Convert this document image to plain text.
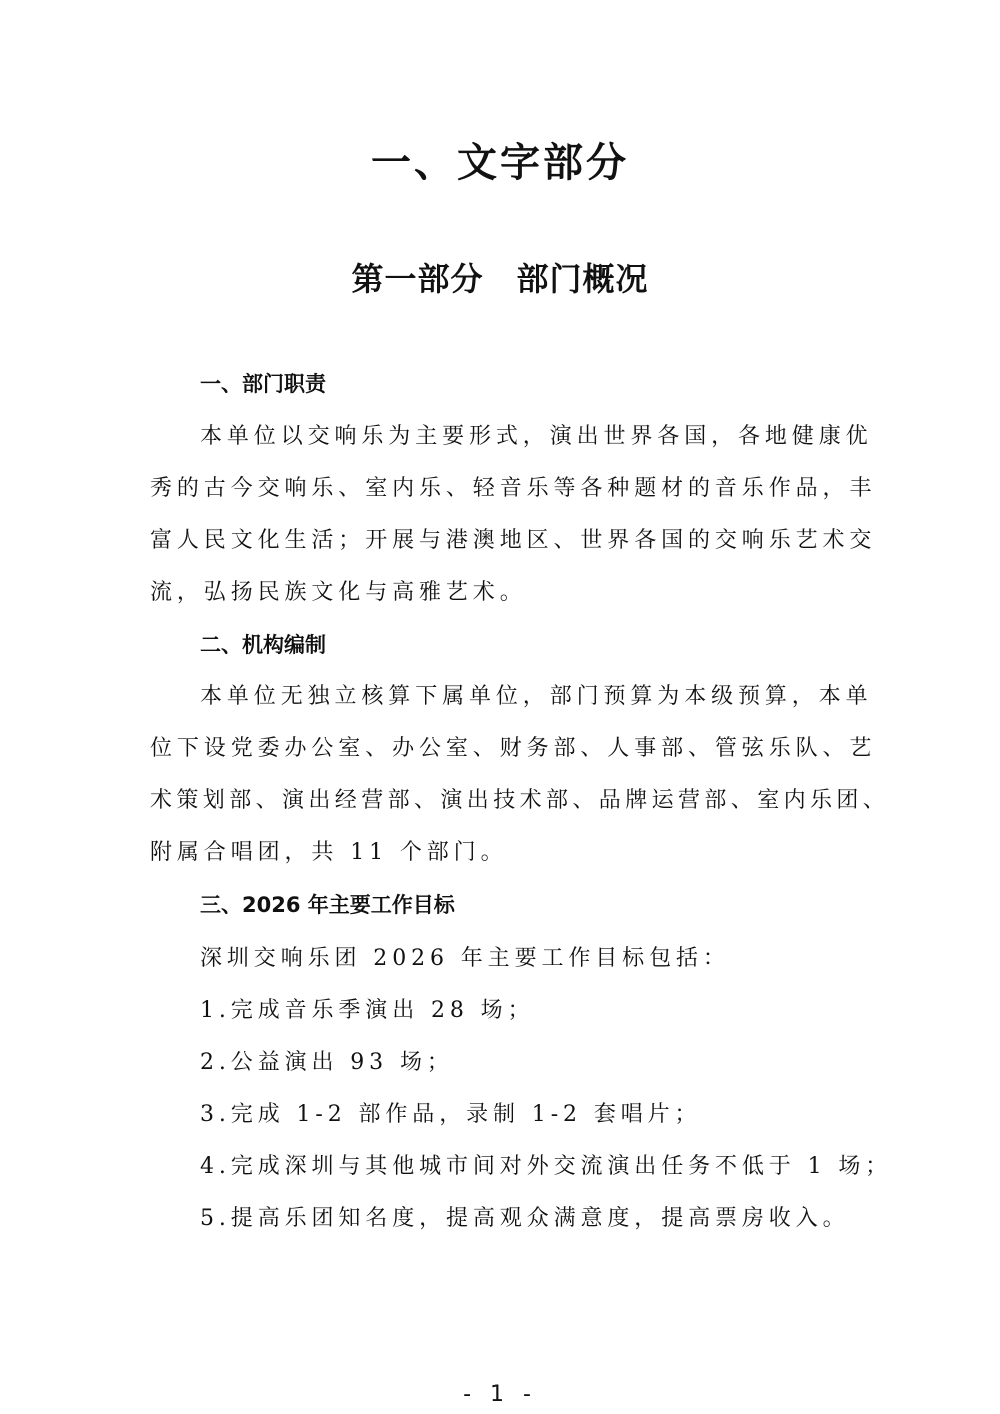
一、文字部分
第一部分　部门概况
一、部门职责

本单位以交响乐为主要形式，演出世界各国，各地健康优

秀的古今交响乐、室内乐、轻音乐等各种题材的音乐作品，丰

富人民文化生活；开展与港澳地区、世界各国的交响乐艺术交

流，弘扬民族文化与高雅艺术。

二、机构编制

本单位无独立核算下属单位，部门预算为本级预算，本单

位下设党委办公室、办公室、财务部、人事部、管弦乐队、艺

术策划部、演出经营部、演出技术部、品牌运营部、室内乐团、

附属合唱团，共 11 个部门。

三、2026 年主要工作目标

深圳交响乐团 2026 年主要工作目标包括：

1.完成音乐季演出 28 场；

2.公益演出 93 场；

3.完成 1-2 部作品，录制 1-2 套唱片；

4.完成深圳与其他城市间对外交流演出任务不低于 1 场；

5.提高乐团知名度，提高观众满意度，提高票房收入。

- 1 -
